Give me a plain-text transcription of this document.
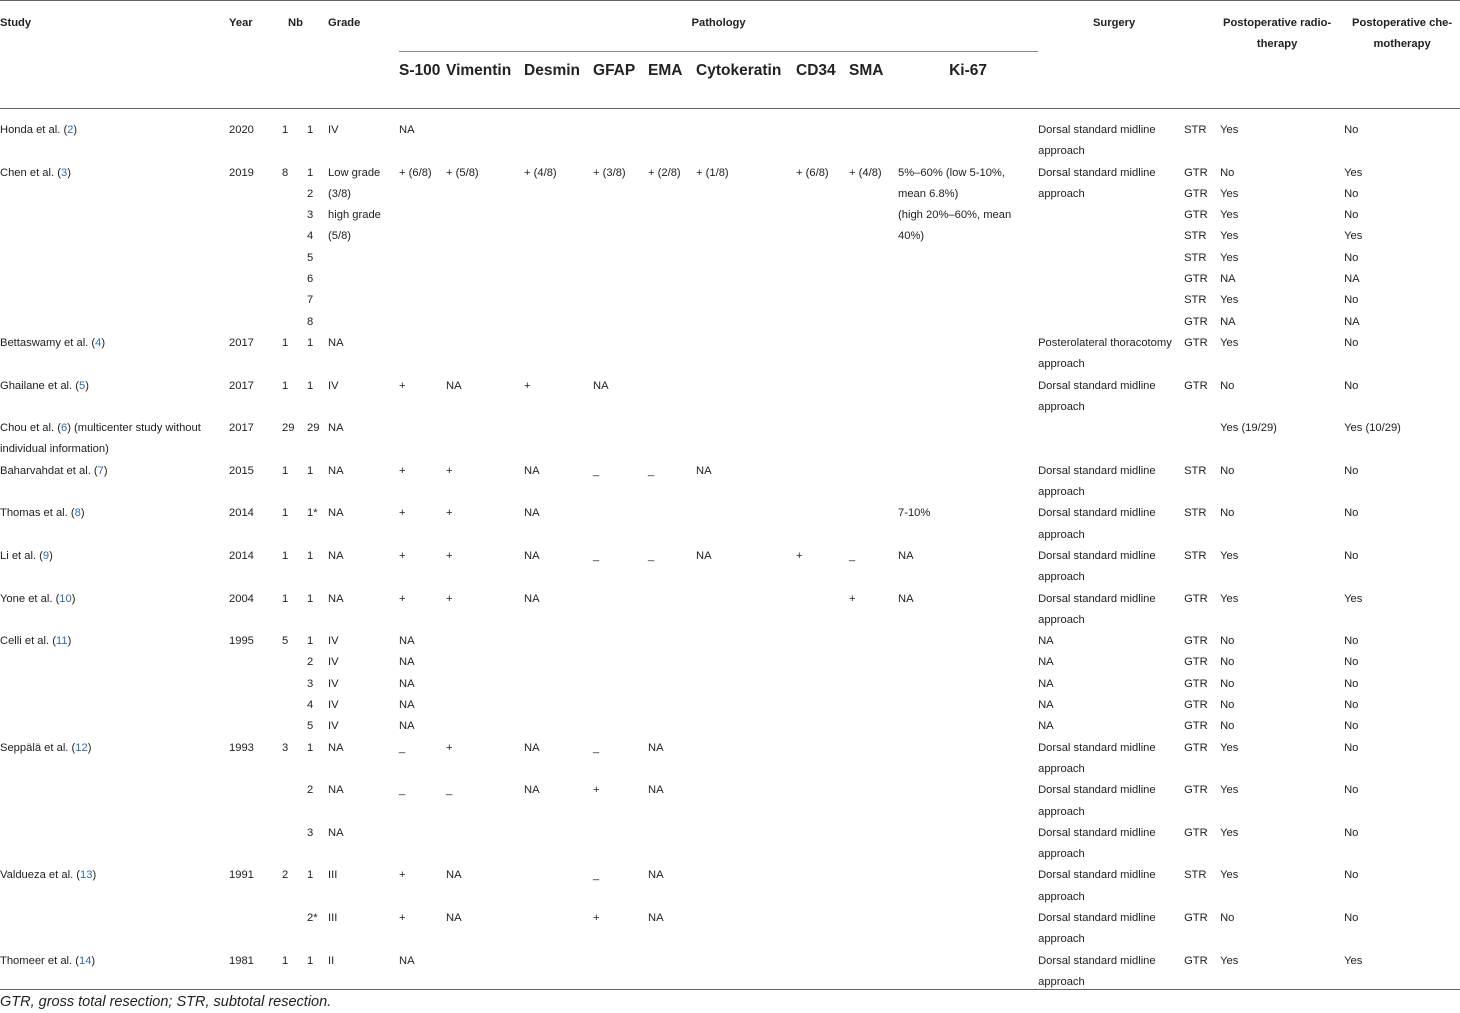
Study	Year	Nb		Grade	Pathology									Surgery		Postoperative radio-therapy	Postoperative che-motherapy
					S-100	Vimentin	Desmin	GFAP	EMA	Cytokeratin	CD34	SMA	Ki-67				
Honda et al. (2)	2020	1	1	IV	NA									Dorsal standard midline approach	STR	Yes	No
Chen et al. (3)	2019	8	1	Low grade	+ (6/8)	+ (5/8)	+ (4/8)	+ (3/8)	+ (2/8)	+ (1/8)	+ (6/8)	+ (4/8)	5%–60% (low 5-10%,	Dorsal standard midline	GTR	No	Yes
			2	(3/8)									mean 6.8%)	approach	GTR	Yes	No
			3	high grade									(high 20%–60%, mean		GTR	Yes	No
			4	(5/8)									40%)		STR	Yes	Yes
			5												STR	Yes	No
			6												GTR	NA	NA
			7												STR	Yes	No
			8												GTR	NA	NA
Bettaswamy et al. (4)	2017	1	1	NA										Posterolateral thoracotomy approach	GTR	Yes	No
Ghailane et al. (5)	2017	1	1	IV	+	NA	+	NA						Dorsal standard midline approach	GTR	No	No
Chou et al. (6) (multicenter study without individual information)	2017	29	29	NA												Yes (19/29)	Yes (10/29)
Baharvahdat et al. (7)	2015	1	1	NA	+	+	NA	_	_	NA				Dorsal standard midline approach	STR	No	No
Thomas et al. (8)	2014	1	1*	NA	+	+	NA						7-10%	Dorsal standard midline approach	STR	No	No
Li et al. (9)	2014	1	1	NA	+	+	NA	_	_	NA	+	_	NA	Dorsal standard midline approach	STR	Yes	No
Yone et al. (10)	2004	1	1	NA	+	+	NA					+	NA	Dorsal standard midline approach	GTR	Yes	Yes
Celli et al. (11)	1995	5	1	IV	NA									NA	GTR	No	No
			2	IV	NA									NA	GTR	No	No
			3	IV	NA									NA	GTR	No	No
			4	IV	NA									NA	GTR	No	No
			5	IV	NA									NA	GTR	No	No
Seppälä et al. (12)	1993	3	1	NA	_	+	NA	_	NA					Dorsal standard midline approach	GTR	Yes	No
			2	NA	_	_	NA	+	NA					Dorsal standard midline approach	GTR	Yes	No
			3	NA										Dorsal standard midline approach	GTR	Yes	No
Valdueza et al. (13)	1991	2	1	III	+	NA		_	NA					Dorsal standard midline approach	STR	Yes	No
			2*	III	+	NA		+	NA					Dorsal standard midline approach	GTR	No	No
Thomeer et al. (14)	1981	1	1	II	NA									Dorsal standard midline approach	GTR	Yes	Yes
GTR, gross total resection; STR, subtotal resection.
